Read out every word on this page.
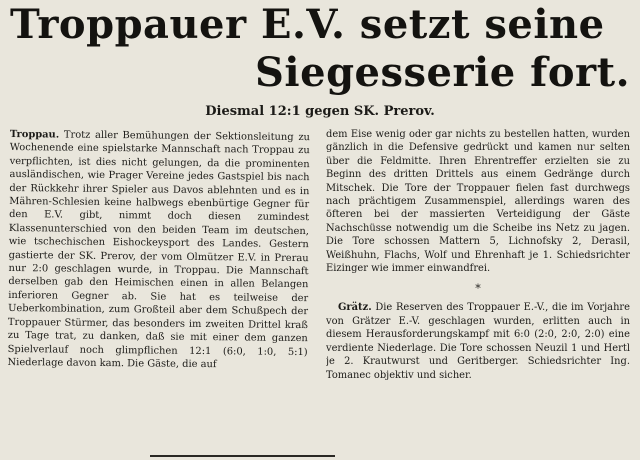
Troppauer E.V. setzt seine
Siegesserie fort.
Diesmal 12:1 gegen SK. Prerov.

Troppau. Trotz aller Bemühungen der Sektionsleitung zu Wochenende eine spielstarke Mannschaft nach Troppau zu verpflichten, ist dies nicht gelungen, da die prominenten ausländischen, wie Prager Vereine jedes Gastspiel bis nach der Rückkehr ihrer Spieler aus Davos ablehnten und es in Mähren-Schlesien keine halbwegs ebenbürtige Gegner für den E.V. gibt, nimmt doch diesen zumindest Klassenunterschied von den beiden Team im deutschen, wie tschechischen Eishockeysport des Landes. Gestern gastierte der SK. Prerov, der vom Olmützer E.V. in Prerau nur 2:0 geschlagen wurde, in Troppau. Die Mannschaft derselben gab den Heimischen einen in allen Belangen inferioren Gegner ab. Sie hat es teilweise der Ueberkombination, zum Großteil aber dem Schußpech der Troppauer Stürmer, das besonders im zweiten Drittel kraß zu Tage trat, zu danken, daß sie mit einer dem ganzen Spielverlauf noch glimpflichen 12:1 (6:0, 1:0, 5:1) Niederlage davon kam. Die Gäste, die auf

dem Eise wenig oder gar nichts zu bestellen hatten, wurden gänzlich in die Defensive gedrückt und kamen nur selten über die Feldmitte. Ihren Ehrentreffer erzielten sie zu Beginn des dritten Drittels aus einem Gedränge durch Mitschek. Die Tore der Troppauer fielen fast durchwegs nach prächtigem Zusammenspiel, allerdings waren des öfteren bei der massierten Verteidigung der Gäste Nachschüsse notwendig um die Scheibe ins Netz zu jagen. Die Tore schossen Mattern 5, Lichnofsky 2, Derasil, Weißhuhn, Flachs, Wolf und Ehrenhaft je 1. Schiedsrichter Eizinger wie immer einwandfrei.

*

Grätz. Die Reserven des Troppauer E.-V., die im Vorjahre von Grätzer E.-V. geschlagen wurden, erlitten auch in diesem Herausforderungskampf mit 6:0 (2:0, 2:0, 2:0) eine verdiente Niederlage. Die Tore schossen Neuzil 1 und Hertl je 2. Krautwurst und Geritberger. Schiedsrichter Ing. Tomanec objektiv und sicher.
